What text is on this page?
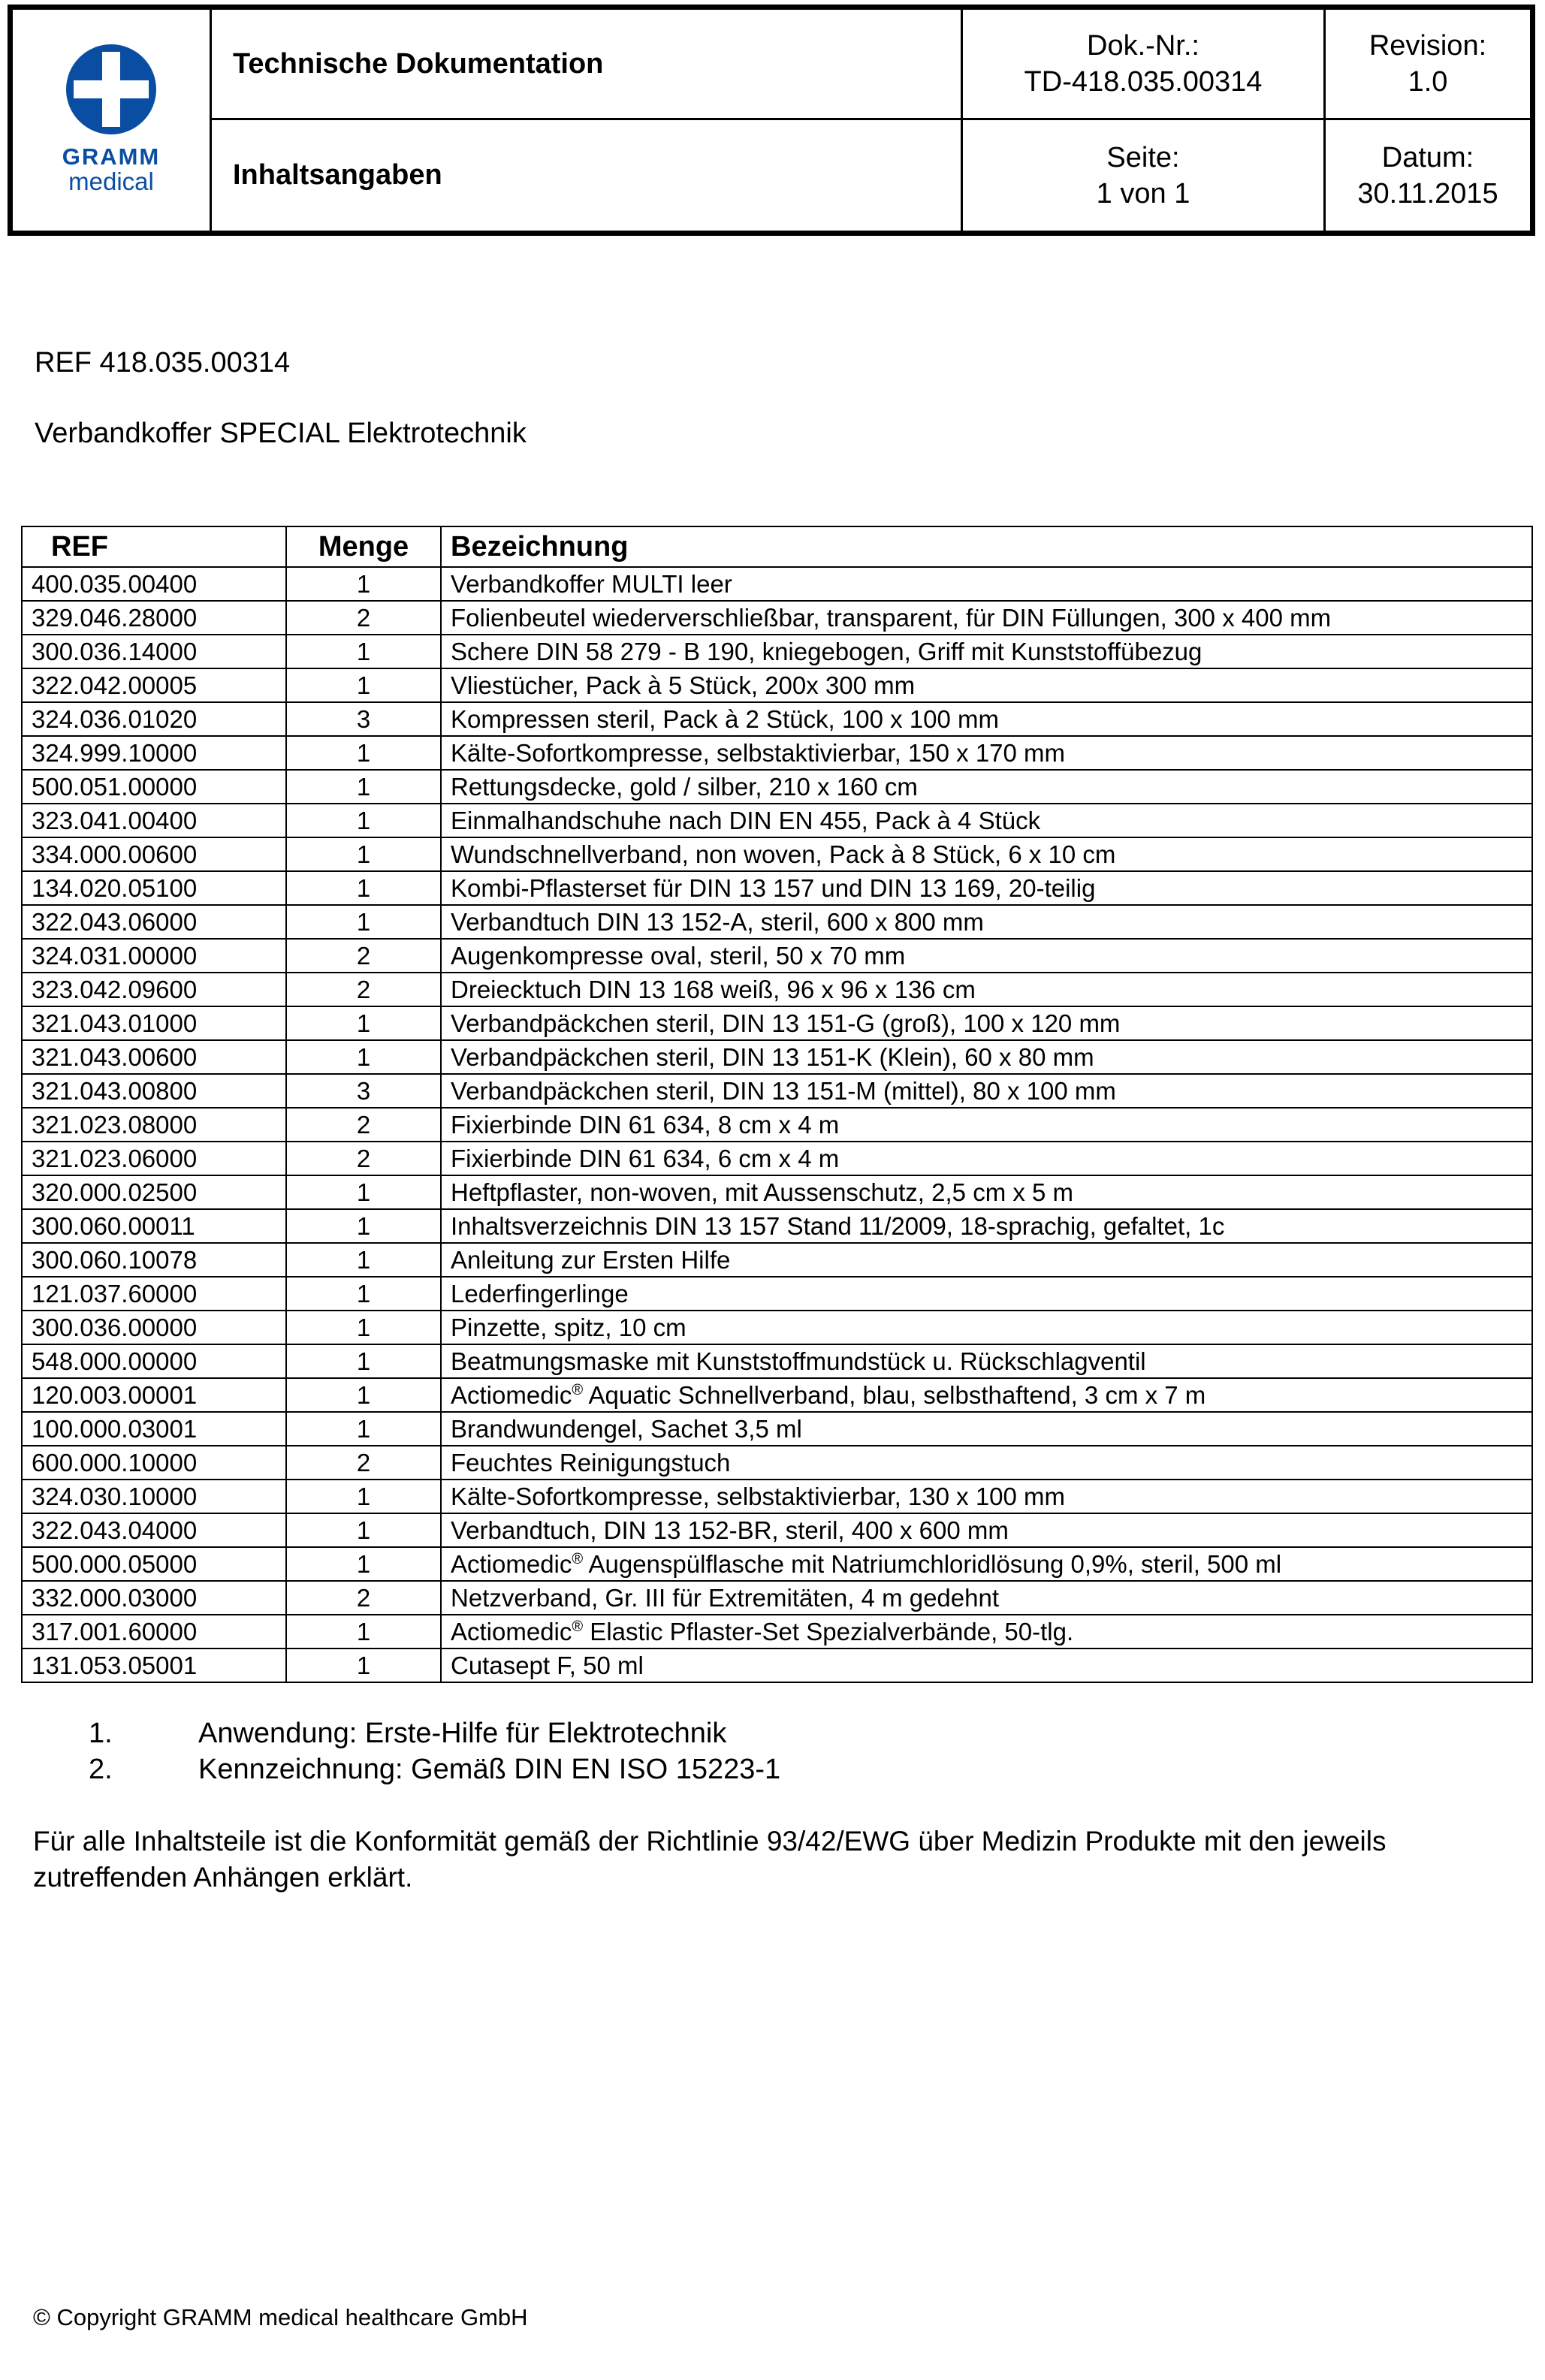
GRAMM
medical
Technische Dokumentation
Dok.-Nr.:
TD-418.035.00314
Revision:
1.0
Inhaltsangaben
Seite:
1 von 1
Datum:
30.11.2015
REF 418.035.00314
Verbandkoffer SPECIAL Elektrotechnik
REF	Menge	Bezeichnung
400.035.00400	1	Verbandkoffer MULTI leer
329.046.28000	2	Folienbeutel wiederverschließbar, transparent, für DIN Füllungen, 300 x 400 mm
300.036.14000	1	Schere DIN 58 279 - B 190, kniegebogen, Griff mit Kunststoffübezug
322.042.00005	1	Vliestücher, Pack à 5 Stück, 200x 300 mm
324.036.01020	3	Kompressen steril, Pack à 2 Stück, 100 x 100 mm
324.999.10000	1	Kälte-Sofortkompresse, selbstaktivierbar, 150 x 170 mm
500.051.00000	1	Rettungsdecke, gold / silber, 210 x 160 cm
323.041.00400	1	Einmalhandschuhe nach DIN EN 455, Pack à 4 Stück
334.000.00600	1	Wundschnellverband, non woven, Pack à 8 Stück, 6 x 10 cm
134.020.05100	1	Kombi-Pflasterset für DIN 13 157 und DIN 13 169, 20-teilig
322.043.06000	1	Verbandtuch DIN 13 152-A, steril, 600 x 800 mm
324.031.00000	2	Augenkompresse oval, steril, 50 x 70 mm
323.042.09600	2	Dreiecktuch DIN 13 168 weiß, 96 x 96 x 136 cm
321.043.01000	1	Verbandpäckchen steril, DIN 13 151-G (groß), 100 x 120 mm
321.043.00600	1	Verbandpäckchen steril, DIN 13 151-K (Klein), 60 x 80 mm
321.043.00800	3	Verbandpäckchen steril, DIN 13 151-M (mittel), 80 x 100 mm
321.023.08000	2	Fixierbinde DIN 61 634, 8 cm x 4 m
321.023.06000	2	Fixierbinde DIN 61 634, 6 cm x 4 m
320.000.02500	1	Heftpflaster, non-woven, mit Aussenschutz, 2,5 cm x 5 m
300.060.00011	1	Inhaltsverzeichnis DIN 13 157 Stand 11/2009, 18-sprachig, gefaltet, 1c
300.060.10078	1	Anleitung zur Ersten Hilfe
121.037.60000	1	Lederfingerlinge
300.036.00000	1	Pinzette, spitz, 10 cm
548.000.00000	1	Beatmungsmaske mit Kunststoffmundstück u. Rückschlagventil
120.003.00001	1	Actiomedic® Aquatic Schnellverband, blau, selbsthaftend, 3 cm x 7 m
100.000.03001	1	Brandwundengel, Sachet 3,5 ml
600.000.10000	2	Feuchtes Reinigungstuch
324.030.10000	1	Kälte-Sofortkompresse, selbstaktivierbar, 130 x 100 mm
322.043.04000	1	Verbandtuch, DIN 13 152-BR, steril, 400 x 600 mm
500.000.05000	1	Actiomedic® Augenspülflasche mit Natriumchloridlösung 0,9%, steril, 500 ml
332.000.03000	2	Netzverband, Gr. III für Extremitäten, 4 m gedehnt
317.001.60000	1	Actiomedic® Elastic Pflaster-Set Spezialverbände, 50-tlg.
131.053.05001	1	Cutasept F, 50 ml
1.	Anwendung: Erste-Hilfe für Elektrotechnik
2.	Kennzeichnung: Gemäß DIN EN ISO 15223-1
Für alle Inhaltsteile ist die Konformität gemäß der Richtlinie 93/42/EWG über Medizin Produkte mit den jeweils zutreffenden Anhängen erklärt.
© Copyright GRAMM medical healthcare GmbH
